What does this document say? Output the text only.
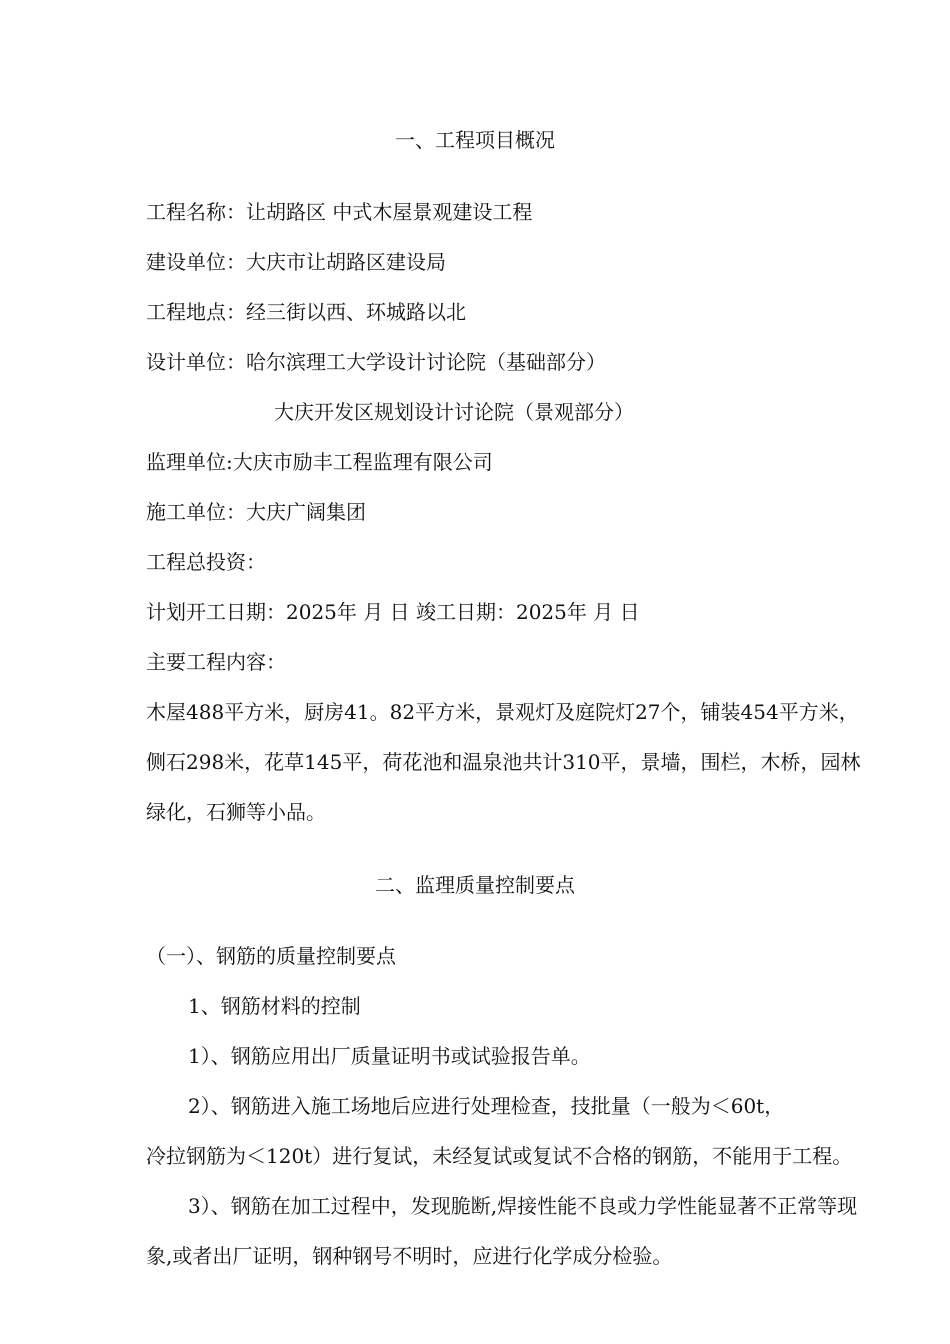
一、工程项目概况
工程名称：让胡路区 中式木屋景观建设工程
建设单位：大庆市让胡路区建设局
工程地点：经三街以西、环城路以北
设计单位：哈尔滨理工大学设计讨论院（基础部分）
大庆开发区规划设计讨论院（景观部分）
监理单位:大庆市励丰工程监理有限公司
施工单位：大庆广阔集团
工程总投资：
计划开工日期：2025年 月 日 竣工日期：2025年 月 日
主要工程内容：
木屋488平方米，厨房41。82平方米，景观灯及庭院灯27个，铺装454平方米，
侧石298米，花草145平，荷花池和温泉池共计310平，景墙，围栏，木桥，园林
绿化，石狮等小品。
二、监理质量控制要点
（一）、钢筋的质量控制要点
1、钢筋材料的控制
1）、钢筋应用出厂质量证明书或试验报告单。
2）、钢筋进入施工场地后应进行处理检查，技批量（一般为＜60t，
冷拉钢筋为＜120t）进行复试，未经复试或复试不合格的钢筋，不能用于工程。
3）、钢筋在加工过程中，发现脆断,焊接性能不良或力学性能显著不正常等现
象,或者出厂证明，钢种钢号不明时，应进行化学成分检验。
